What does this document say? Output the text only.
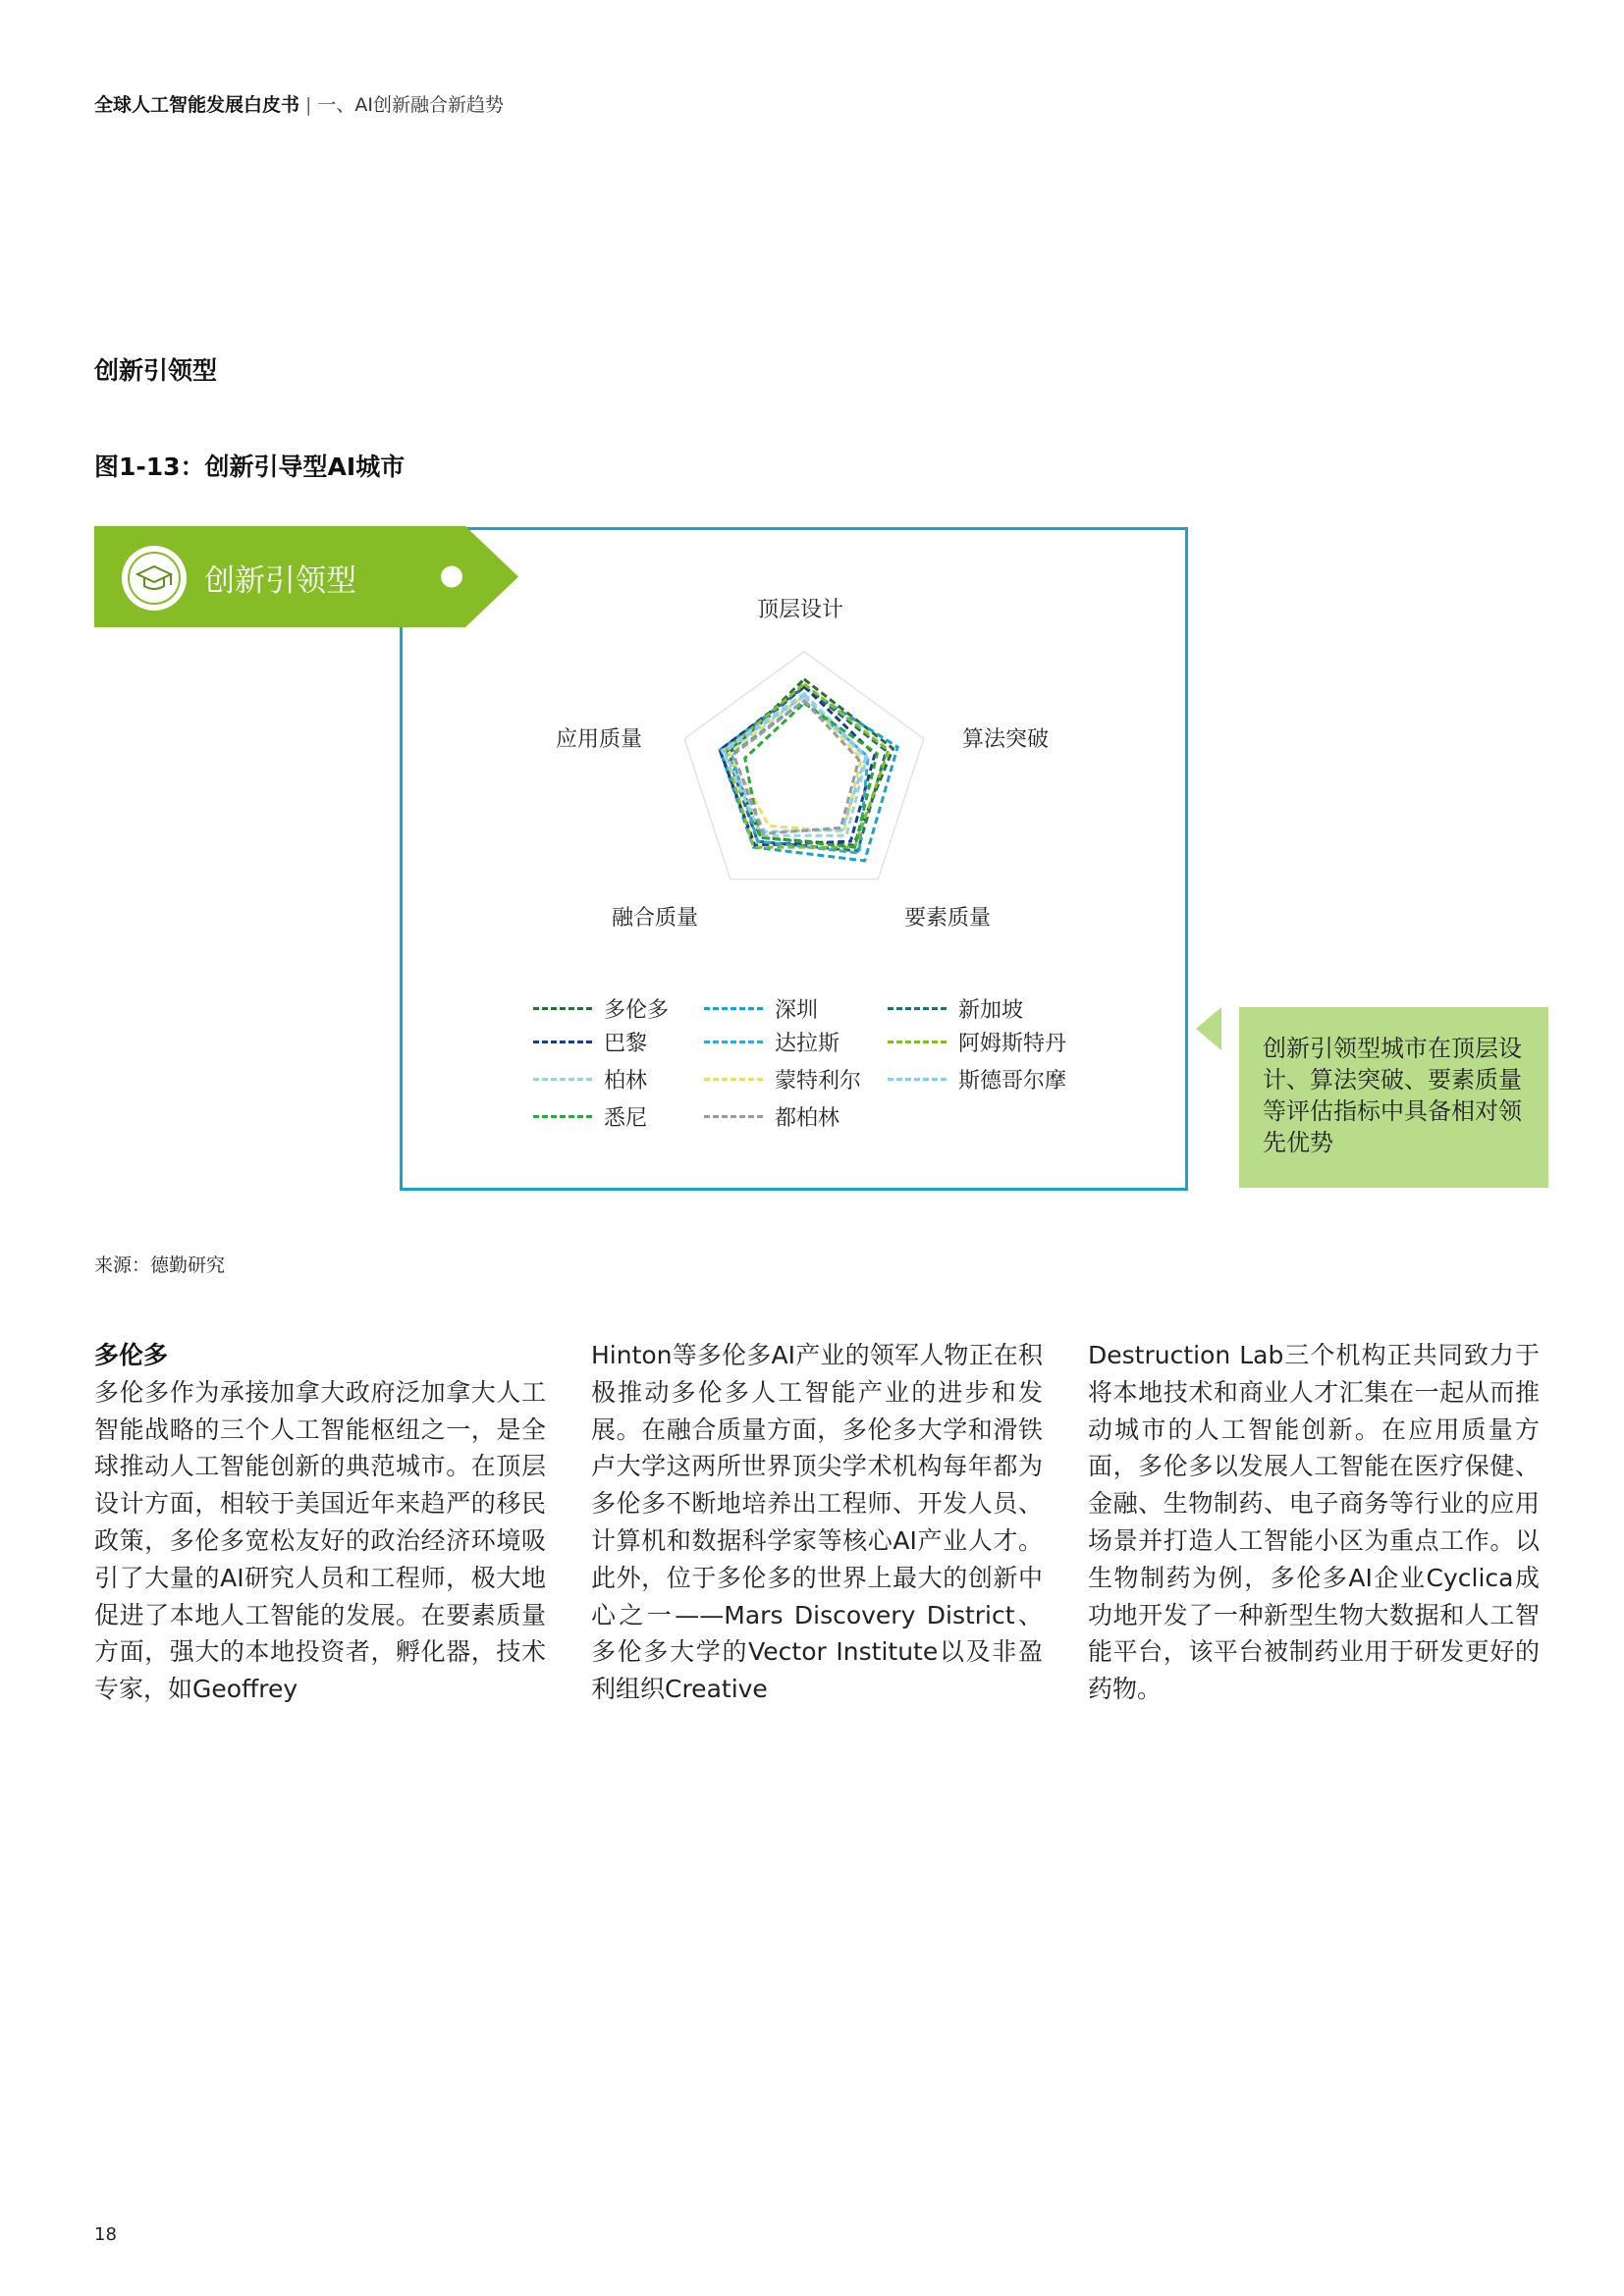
全球人工智能发展白皮书 | 一、AI创新融合新趋势
创新引领型
图1-13：创新引导型AI城市
创新引领型
顶层设计
算法突破
要素质量
融合质量
应用质量
多伦多	深圳	新加坡
巴黎	达拉斯	阿姆斯特丹
柏林	蒙特利尔	斯德哥尔摩
悉尼	都柏林
创新引领型城市在顶层设计、算法突破、要素质量等评估指标中具备相对领先优势
来源：德勤研究
多伦多
多伦多作为承接加拿大政府泛加拿大人工智能战略的三个人工智能枢纽之一，是全球推动人工智能创新的典范城市。在顶层设计方面，相较于美国近年来趋严的移民政策，多伦多宽松友好的政治经济环境吸引了大量的AI研究人员和工程师，极大地促进了本地人工智能的发展。在要素质量方面，强大的本地投资者，孵化器，技术专家，如Geoffrey
Hinton等多伦多AI产业的领军人物正在积极推动多伦多人工智能产业的进步和发展。在融合质量方面，多伦多大学和滑铁卢大学这两所世界顶尖学术机构每年都为多伦多不断地培养出工程师、开发人员、计算机和数据科学家等核心AI产业人才。此外，位于多伦多的世界上最大的创新中心之一——Mars Discovery District、多伦多大学的Vector Institute以及非盈利组织Creative
Destruction Lab三个机构正共同致力于将本地技术和商业人才汇集在一起从而推动城市的人工智能创新。在应用质量方面，多伦多以发展人工智能在医疗保健、金融、生物制药、电子商务等行业的应用场景并打造人工智能小区为重点工作。以生物制药为例，多伦多AI企业Cyclica成功地开发了一种新型生物大数据和人工智能平台，该平台被制药业用于研发更好的药物。
18
